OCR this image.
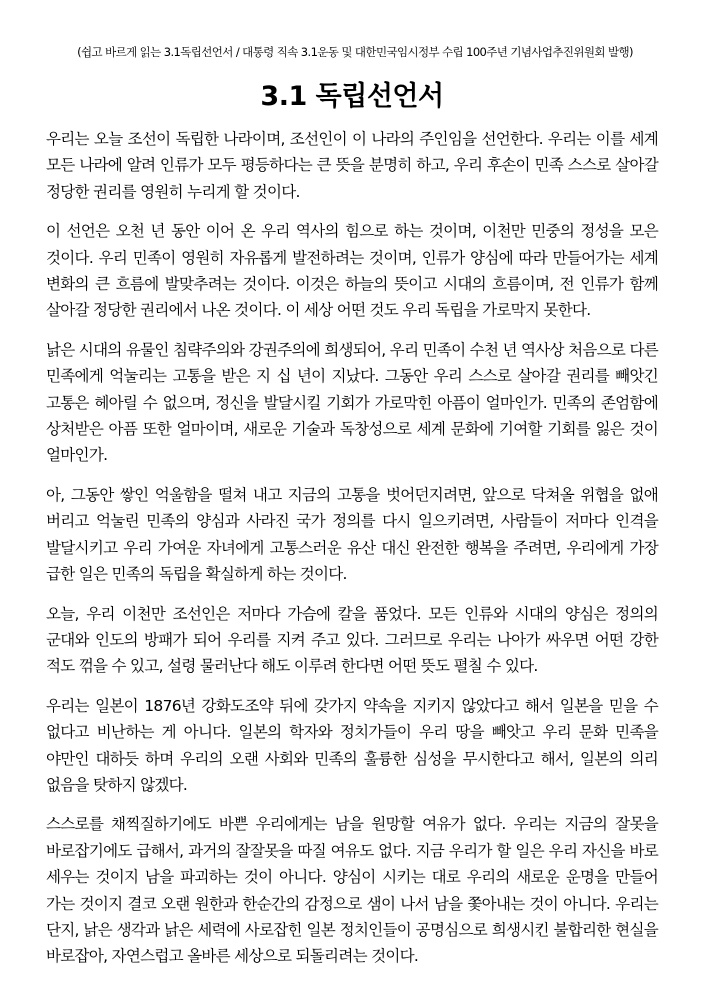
(쉽고 바르게 읽는 3.1독립선언서 / 대통령 직속 3.1운동 및 대한민국임시정부 수립 100주년 기념사업추진위원회 발행)
3.1 독립선언서

우리는 오늘 조선이 독립한 나라이며, 조선인이 이 나라의 주인임을 선언한다. 우리는 이를 세계 모든 나라에 알려 인류가 모두 평등하다는 큰 뜻을 분명히 하고, 우리 후손이 민족 스스로 살아갈 정당한 권리를 영원히 누리게 할 것이다.

이 선언은 오천 년 동안 이어 온 우리 역사의 힘으로 하는 것이며, 이천만 민중의 정성을 모은 것이다. 우리 민족이 영원히 자유롭게 발전하려는 것이며, 인류가 양심에 따라 만들어가는 세계 변화의 큰 흐름에 발맞추려는 것이다. 이것은 하늘의 뜻이고 시대의 흐름이며, 전 인류가 함께 살아갈 정당한 권리에서 나온 것이다. 이 세상 어떤 것도 우리 독립을 가로막지 못한다.

낡은 시대의 유물인 침략주의와 강권주의에 희생되어, 우리 민족이 수천 년 역사상 처음으로 다른 민족에게 억눌리는 고통을 받은 지 십 년이 지났다. 그동안 우리 스스로 살아갈 권리를 빼앗긴 고통은 헤아릴 수 없으며, 정신을 발달시킬 기회가 가로막힌 아픔이 얼마인가. 민족의 존엄함에 상처받은 아픔 또한 얼마이며, 새로운 기술과 독창성으로 세계 문화에 기여할 기회를 잃은 것이 얼마인가.

아, 그동안 쌓인 억울함을 떨쳐 내고 지금의 고통을 벗어던지려면, 앞으로 닥쳐올 위협을 없애 버리고 억눌린 민족의 양심과 사라진 국가 정의를 다시 일으키려면, 사람들이 저마다 인격을 발달시키고 우리 가여운 자녀에게 고통스러운 유산 대신 완전한 행복을 주려면, 우리에게 가장 급한 일은 민족의 독립을 확실하게 하는 것이다.

오늘, 우리 이천만 조선인은 저마다 가슴에 칼을 품었다. 모든 인류와 시대의 양심은 정의의 군대와 인도의 방패가 되어 우리를 지켜 주고 있다. 그러므로 우리는 나아가 싸우면 어떤 강한 적도 꺾을 수 있고, 설령 물러난다 해도 이루려 한다면 어떤 뜻도 펼칠 수 있다.

우리는 일본이 1876년 강화도조약 뒤에 갖가지 약속을 지키지 않았다고 해서 일본을 믿을 수 없다고 비난하는 게 아니다. 일본의 학자와 정치가들이 우리 땅을 빼앗고 우리 문화 민족을 야만인 대하듯 하며 우리의 오랜 사회와 민족의 훌륭한 심성을 무시한다고 해서, 일본의 의리 없음을 탓하지 않겠다.

스스로를 채찍질하기에도 바쁜 우리에게는 남을 원망할 여유가 없다. 우리는 지금의 잘못을 바로잡기에도 급해서, 과거의 잘잘못을 따질 여유도 없다. 지금 우리가 할 일은 우리 자신을 바로 세우는 것이지 남을 파괴하는 것이 아니다. 양심이 시키는 대로 우리의 새로운 운명을 만들어 가는 것이지 결코 오랜 원한과 한순간의 감정으로 샘이 나서 남을 쫓아내는 것이 아니다. 우리는 단지, 낡은 생각과 낡은 세력에 사로잡힌 일본 정치인들이 공명심으로 희생시킨 불합리한 현실을 바로잡아, 자연스럽고 올바른 세상으로 되돌리려는 것이다.
